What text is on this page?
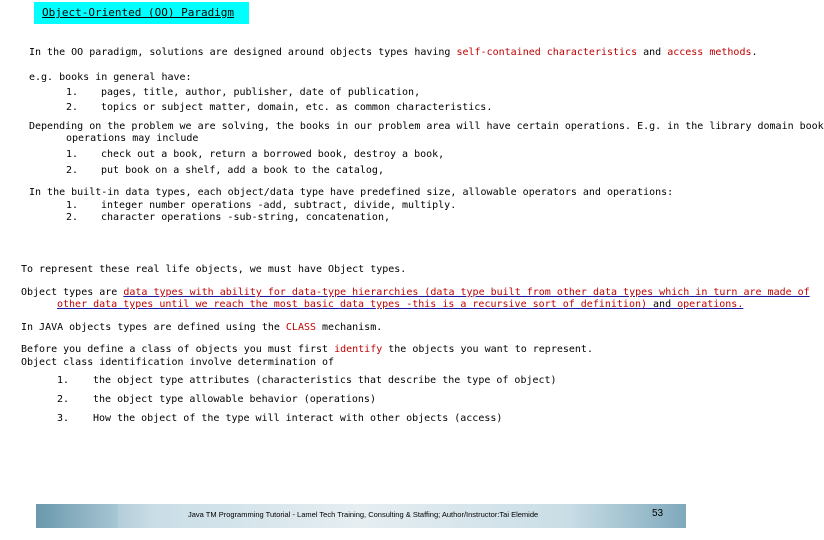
Object-Oriented (OO) Paradigm
In the OO paradigm, solutions are designed around objects types having self-contained characteristics and access methods.
e.g. books in general have:
1.	pages, title, author, publisher, date of publication,
2.	topics or subject matter, domain, etc. as common characteristics.
Depending on the problem we are solving, the books in our problem area will have certain operations. E.g. in the library domain book
operations may include
1.	check out a book, return a borrowed book, destroy a book,
2.	put book on a shelf, add a book to the catalog,
In the built-in data types, each object/data type have predefined size, allowable operators and operations:
1.	integer number operations -add, subtract, divide, multiply.
2.	character operations -sub-string, concatenation,
To represent these real life objects, we must have Object types.
Object types are data types with ability for data-type hierarchies (data type built from other data types which in turn are made of
other data types until we reach the most basic data types -this is a recursive sort of definition) and operations.
In JAVA objects types are defined using the CLASS mechanism.
Before you define a class of objects you must first identify the objects you want to represent.
Object class identification involve determination of
1.	the object type attributes (characteristics that describe the type of object)
2.	the object type allowable behavior (operations)
3.	How the object of the type will interact with other objects (access)
Java TM Programming Tutorial - Lamel Tech Training, Consulting & Staffing; Author/Instructor:Tai Elemide	53
